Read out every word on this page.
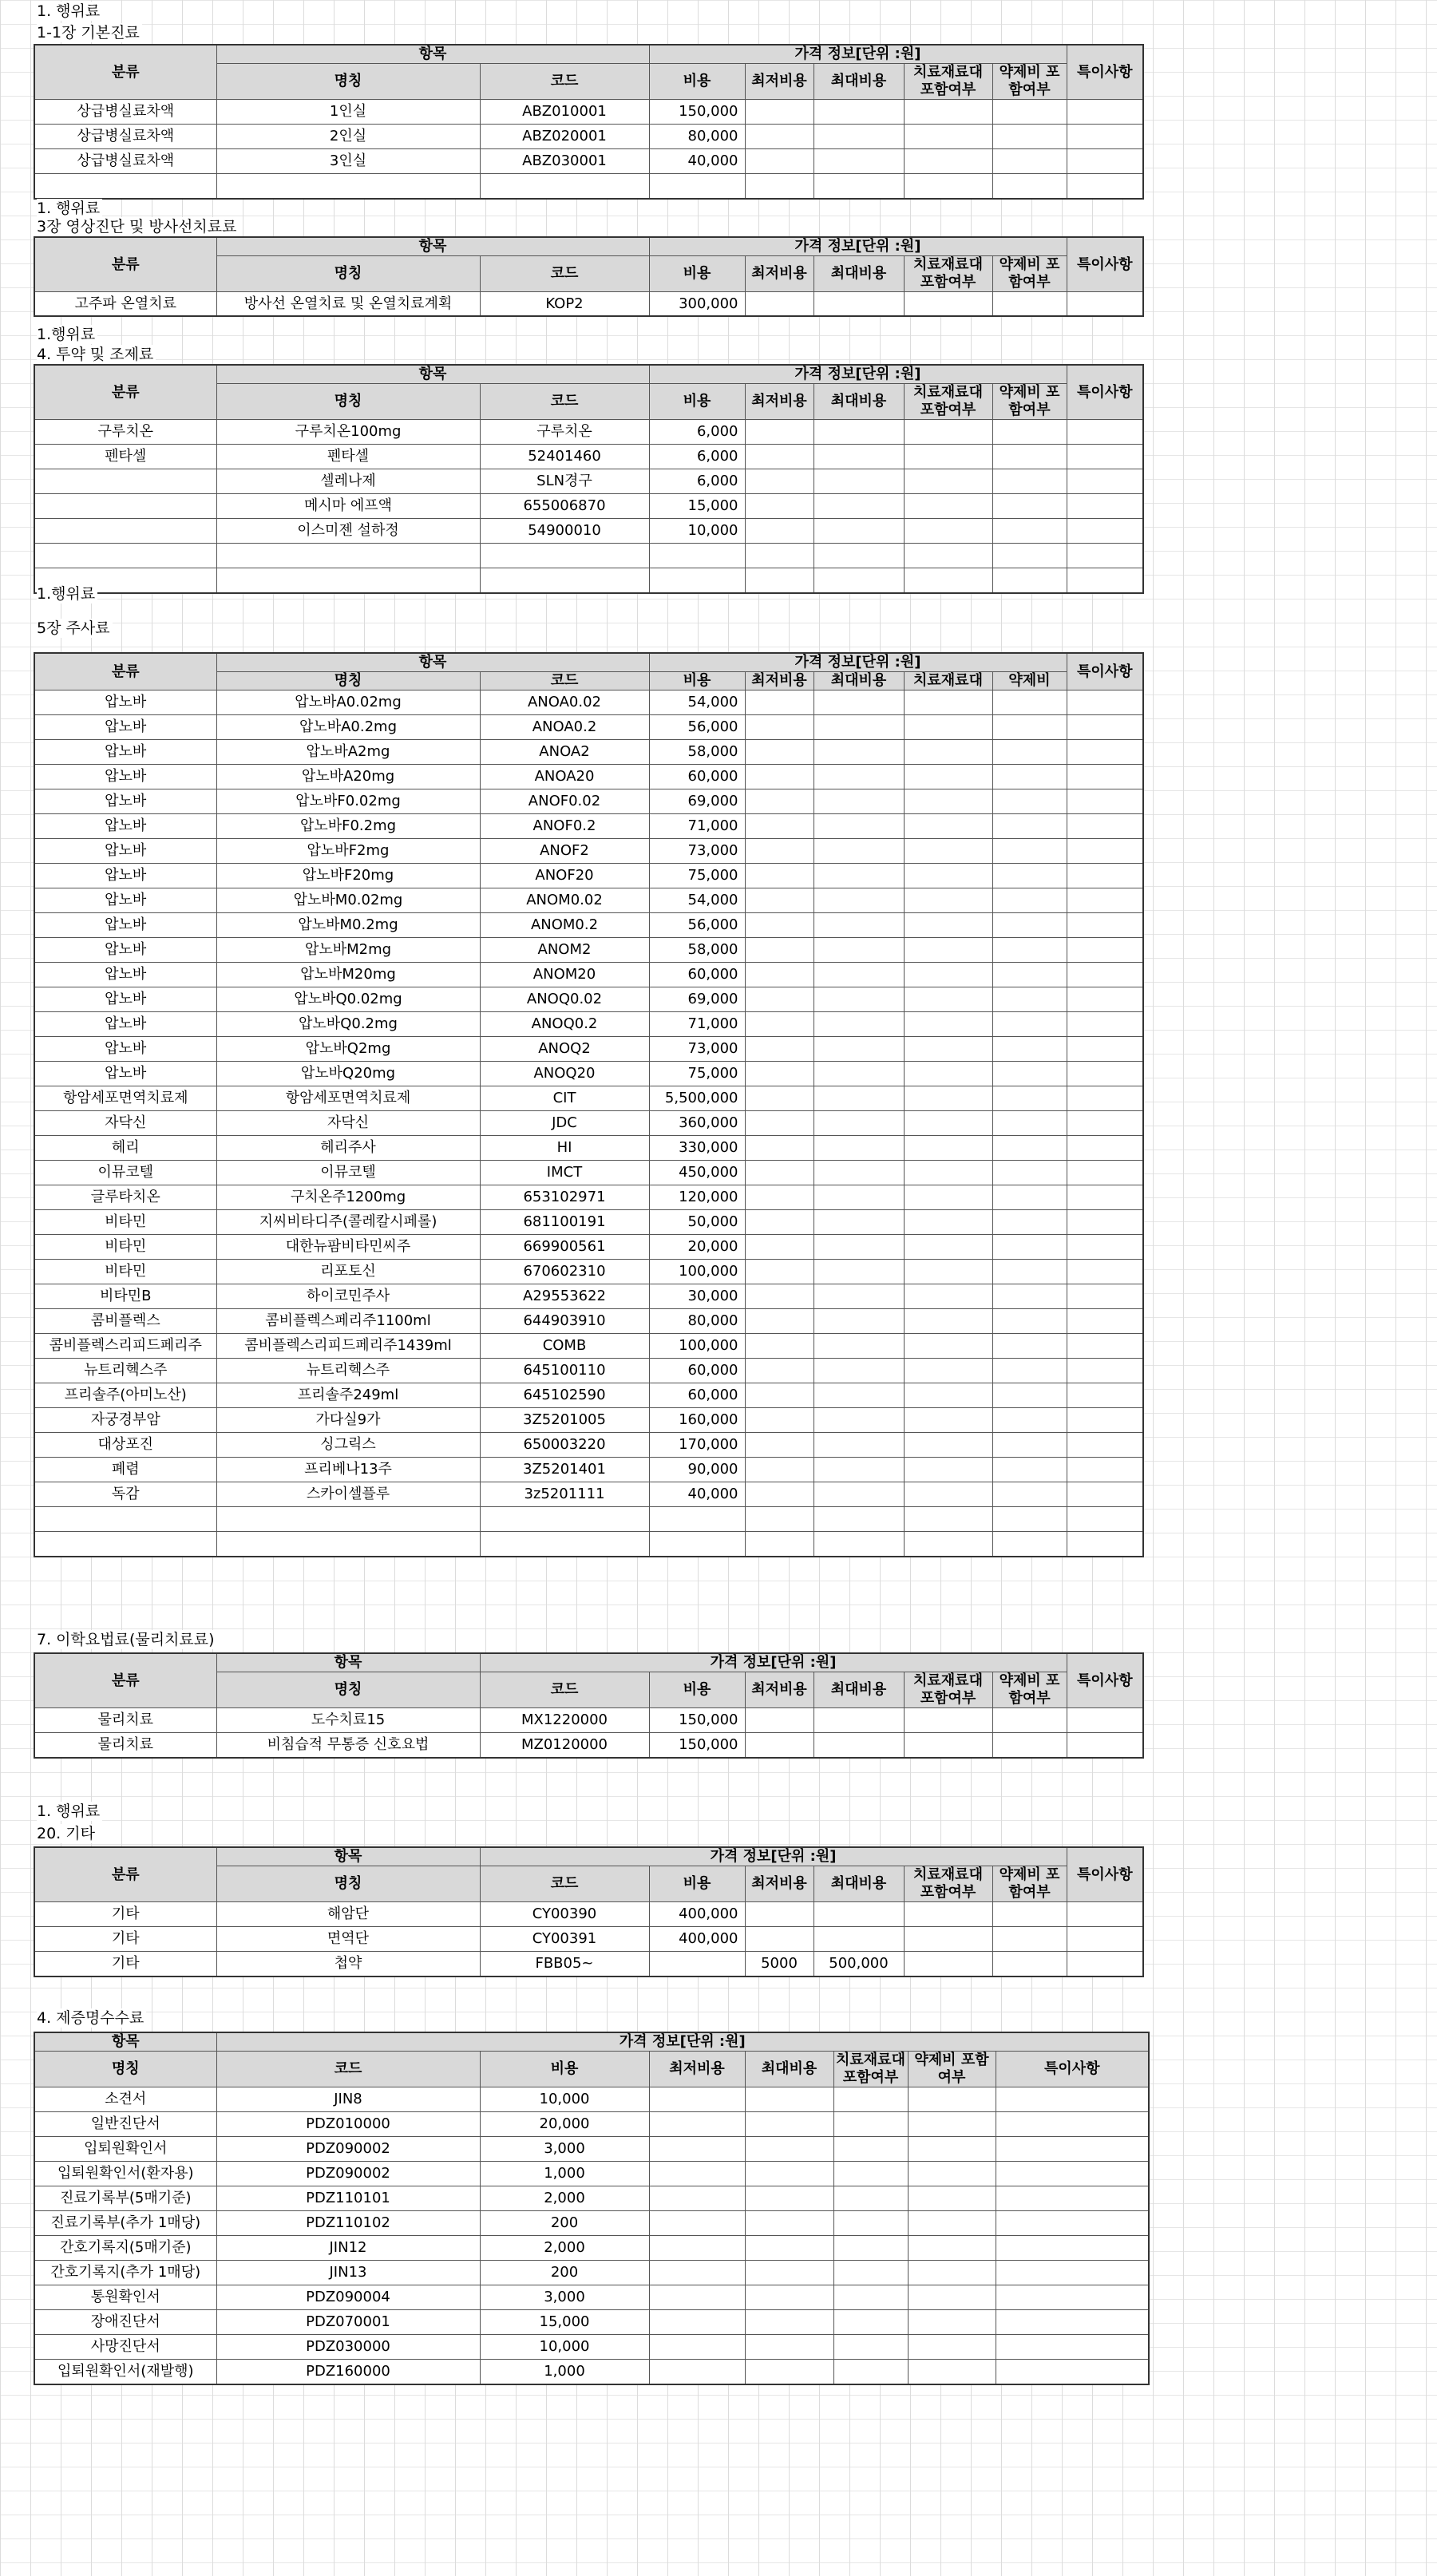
1. 행위료
1-1장 기본진료
분류	항목		가격 정보[단위 :원]					특이사항
	명칭	코드	비용	최저비용	최대비용	치료재료대 포함여부	약제비 포함여부	
상급병실료차액	1인실	ABZ010001	150,000					
상급병실료차액	2인실	ABZ020001	80,000					
상급병실료차액	3인실	ABZ030001	40,000					

1. 행위료
3장 영상진단 및 방사선치료료
분류	항목		가격 정보[단위 :원]					특이사항
	명칭	코드	비용	최저비용	최대비용	치료재료대 포함여부	약제비 포함여부	
고주파 온열치료	방사선 온열치료 및 온열치료계획	KOP2	300,000					
1.행위료
4. 투약 및 조제료
분류	항목		가격 정보[단위 :원]					특이사항
	명칭	코드	비용	최저비용	최대비용	치료재료대 포함여부	약제비 포함여부	
구루치온	구루치온100mg	구루치온	6,000					
펜타셀	펜타셀	52401460	6,000					
	셀레나제	SLN경구	6,000					
	메시마 에프액	655006870	15,000					
	이스미젠 설하정	54900010	10,000					

1.행위료
5장 주사료
분류	항목		가격 정보[단위 :원]					특이사항
	명칭	코드	비용	최저비용	최대비용	치료재료대	약제비	
압노바	압노바A0.02mg	ANOA0.02	54,000					
압노바	압노바A0.2mg	ANOA0.2	56,000					
압노바	압노바A2mg	ANOA2	58,000					
압노바	압노바A20mg	ANOA20	60,000					
압노바	압노바F0.02mg	ANOF0.02	69,000					
압노바	압노바F0.2mg	ANOF0.2	71,000					
압노바	압노바F2mg	ANOF2	73,000					
압노바	압노바F20mg	ANOF20	75,000					
압노바	압노바M0.02mg	ANOM0.02	54,000					
압노바	압노바M0.2mg	ANOM0.2	56,000					
압노바	압노바M2mg	ANOM2	58,000					
압노바	압노바M20mg	ANOM20	60,000					
압노바	압노바Q0.02mg	ANOQ0.02	69,000					
압노바	압노바Q0.2mg	ANOQ0.2	71,000					
압노바	압노바Q2mg	ANOQ2	73,000					
압노바	압노바Q20mg	ANOQ20	75,000					
항암세포면역치료제	항암세포면역치료제	CIT	5,500,000					
자닥신	자닥신	JDC	360,000					
헤리	헤리주사	HI	330,000					
이뮤코텔	이뮤코텔	IMCT	450,000					
글루타치온	구치온주1200mg	653102971	120,000					
비타민	지씨비타디주(콜레칼시페롤)	681100191	50,000					
비타민	대한뉴팜비타민씨주	669900561	20,000					
비타민	리포토신	670602310	100,000					
비타민B	하이코민주사	A29553622	30,000					
콤비플렉스	콤비플렉스페리주1100ml	644903910	80,000					
콤비플렉스리피드페리주	콤비플렉스리피드페리주1439ml	COMB	100,000					
뉴트리헥스주	뉴트리헥스주	645100110	60,000					
프리솔주(아미노산)	프리솔주249ml	645102590	60,000					
자궁경부암	가다실9가	3Z5201005	160,000					
대상포진	싱그릭스	650003220	170,000					
폐렴	프리베나13주	3Z5201401	90,000					
독감	스카이셀플루	3z5201111	40,000					

7. 이학요법료(물리치료료)
분류	항목	가격 정보[단위 :원]						특이사항
	명칭	코드	비용	최저비용	최대비용	치료재료대 포함여부	약제비 포함여부	
물리치료	도수치료15	MX1220000	150,000					
물리치료	비침습적 무통증 신호요법	MZ0120000	150,000					
1. 행위료
20. 기타
분류	항목	가격 정보[단위 :원]						특이사항
	명칭	코드	비용	최저비용	최대비용	치료재료대 포함여부	약제비 포함여부	
기타	해암단	CY00390	400,000					
기타	면역단	CY00391	400,000					
기타	첩약	FBB05~		5000	500,000			
4. 제증명수수료
항목	가격 정보[단위 :원]						
명칭	코드	비용	최저비용	최대비용	치료재료대 포함여부	약제비 포함여부	특이사항
소견서	JIN8	10,000					
일반진단서	PDZ010000	20,000					
입퇴원확인서	PDZ090002	3,000					
입퇴원확인서(환자용)	PDZ090002	1,000					
진료기록부(5매기준)	PDZ110101	2,000					
진료기록부(추가 1매당)	PDZ110102	200					
간호기록지(5매기준)	JIN12	2,000					
간호기록지(추가 1매당)	JIN13	200					
통원확인서	PDZ090004	3,000					
장애진단서	PDZ070001	15,000					
사망진단서	PDZ030000	10,000					
입퇴원확인서(재발행)	PDZ160000	1,000					
